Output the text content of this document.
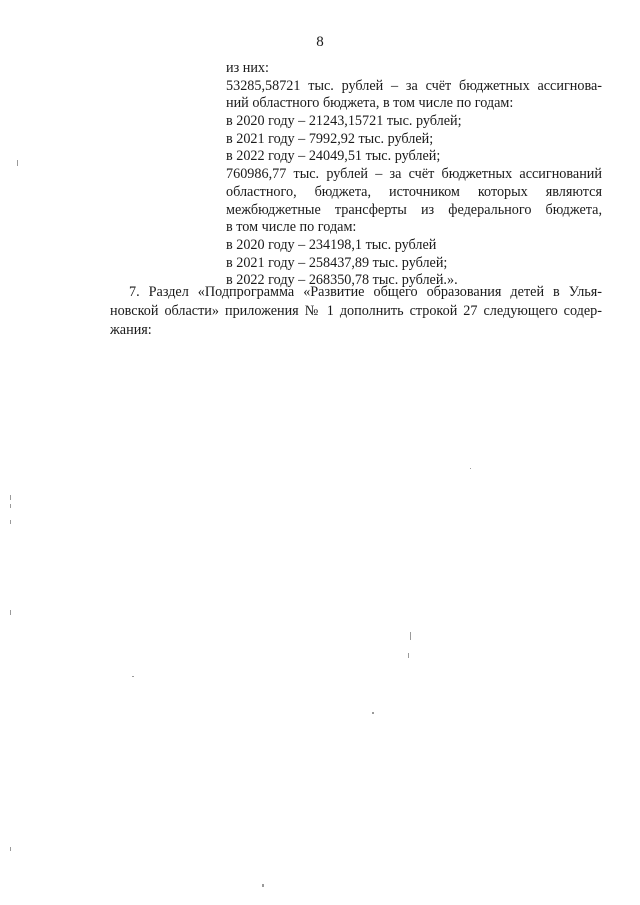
8
из них:
53285,58721 тыс. рублей – за счёт бюджетных ассигнова-
ний областного бюджета, в том числе по годам:
в 2020 году – 21243,15721 тыс. рублей;
в 2021 году – 7992,92 тыс. рублей;
в 2022 году – 24049,51 тыс. рублей;
760986,77 тыс. рублей – за счёт бюджетных ассигнований
областного, бюджета, источником которых являются
межбюджетные трансферты из федерального бюджета,
в том числе по годам:
в 2020 году – 234198,1 тыс. рублей
в 2021 году – 258437,89 тыс. рублей;
в 2022 году – 268350,78 тыс. рублей.».
7. Раздел «Подпрограмма «Развитие общего образования детей в Улья-
новской области» приложения № 1 дополнить строкой 27 следующего содер-
жания:
